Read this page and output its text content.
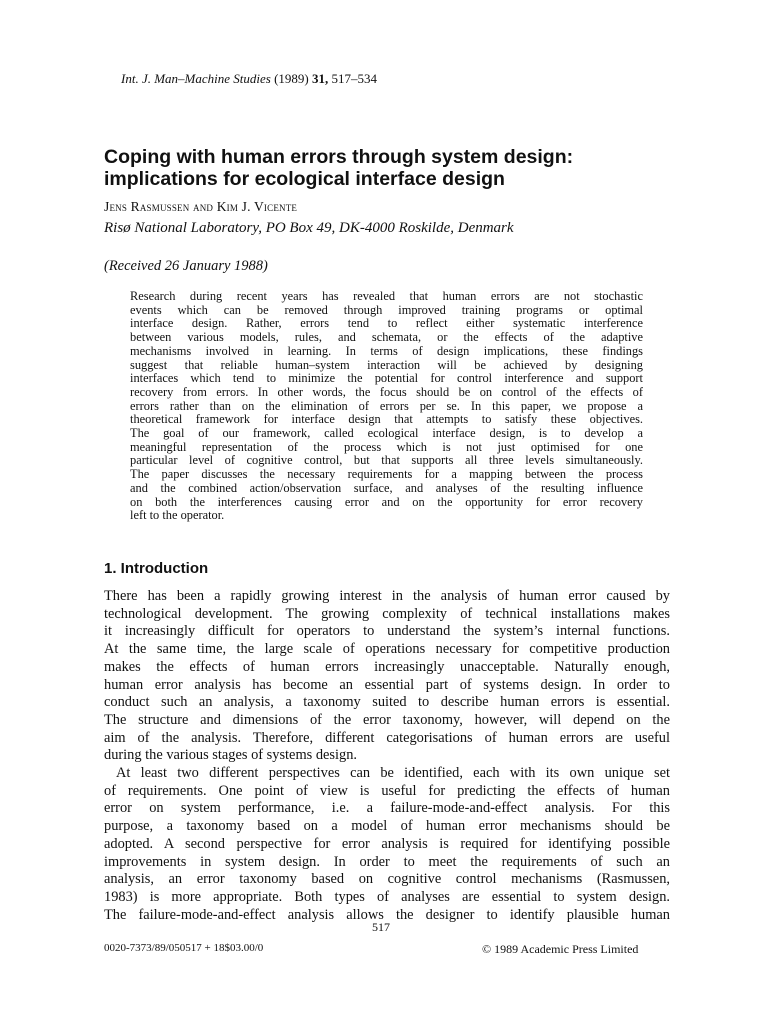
Int. J. Man–Machine Studies (1989) 31, 517–534
Coping with human errors through system design:
implications for ecological interface design
Jens Rasmussen and Kim J. Vicente
Risø National Laboratory, PO Box 49, DK-4000 Roskilde, Denmark
(Received 26 January 1988)
Research during recent years has revealed that human errors are not stochastic
events which can be removed through improved training programs or optimal
interface design. Rather, errors tend to reflect either systematic interference
between various models, rules, and schemata, or the effects of the adaptive
mechanisms involved in learning. In terms of design implications, these findings
suggest that reliable human–system interaction will be achieved by designing
interfaces which tend to minimize the potential for control interference and support
recovery from errors. In other words, the focus should be on control of the effects of
errors rather than on the elimination of errors per se. In this paper, we propose a
theoretical framework for interface design that attempts to satisfy these objectives.
The goal of our framework, called ecological interface design, is to develop a
meaningful representation of the process which is not just optimised for one
particular level of cognitive control, but that supports all three levels simultaneously.
The paper discusses the necessary requirements for a mapping between the process
and the combined action/observation surface, and analyses of the resulting influence
on both the interferences causing error and on the opportunity for error recovery
left to the operator.
1. Introduction
There has been a rapidly growing interest in the analysis of human error caused by
technological development. The growing complexity of technical installations makes
it increasingly difficult for operators to understand the system’s internal functions.
At the same time, the large scale of operations necessary for competitive production
makes the effects of human errors increasingly unacceptable. Naturally enough,
human error analysis has become an essential part of systems design. In order to
conduct such an analysis, a taxonomy suited to describe human errors is essential.
The structure and dimensions of the error taxonomy, however, will depend on the
aim of the analysis. Therefore, different categorisations of human errors are useful
during the various stages of systems design.
At least two different perspectives can be identified, each with its own unique set
of requirements. One point of view is useful for predicting the effects of human
error on system performance, i.e. a failure-mode-and-effect analysis. For this
purpose, a taxonomy based on a model of human error mechanisms should be
adopted. A second perspective for error analysis is required for identifying possible
improvements in system design. In order to meet the requirements of such an
analysis, an error taxonomy based on cognitive control mechanisms (Rasmussen,
1983) is more appropriate. Both types of analyses are essential to system design.
The failure-mode-and-effect analysis allows the designer to identify plausible human
517
0020-7373/89/050517 + 18$03.00/0	© 1989 Academic Press Limited
